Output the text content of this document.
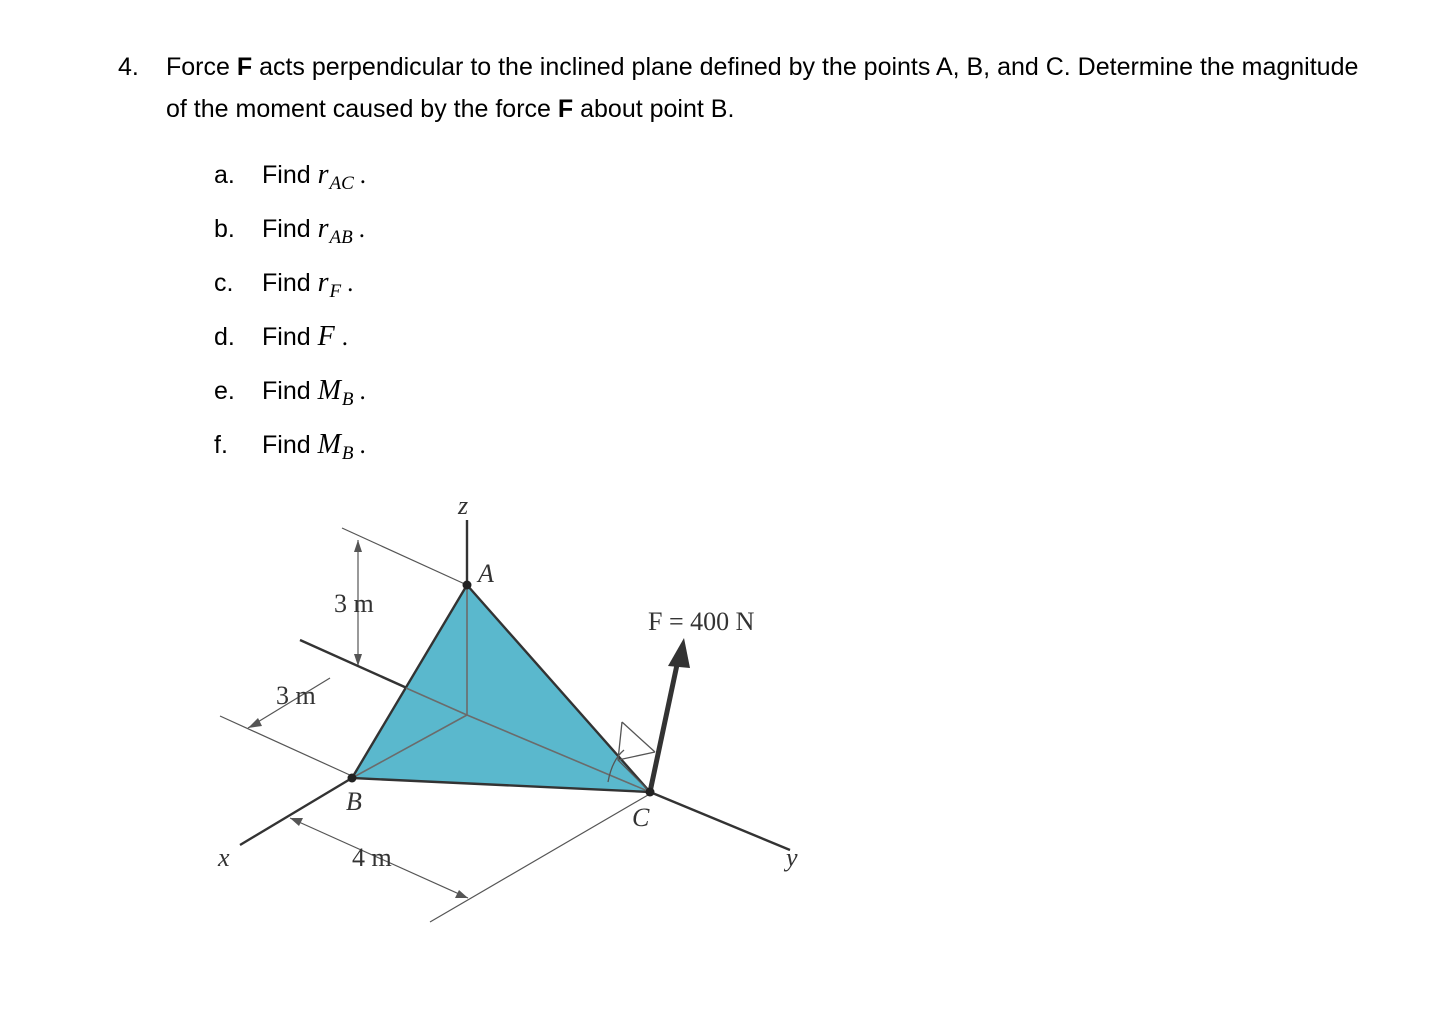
4. Force F acts perpendicular to the inclined plane defined by the points A, B, and C. Determine the magnitude of the moment caused by the force F about point B.
a.	Find $r_{AC}$ .
b.	Find $r_{AB}$ .
c.	Find $r_F$ .
d.	Find F .
e.	Find $M_B$ .
f.	Find $M_B$ .
z
x	y
A
B
C
3 m
3 m
4 m
F = 400 N
